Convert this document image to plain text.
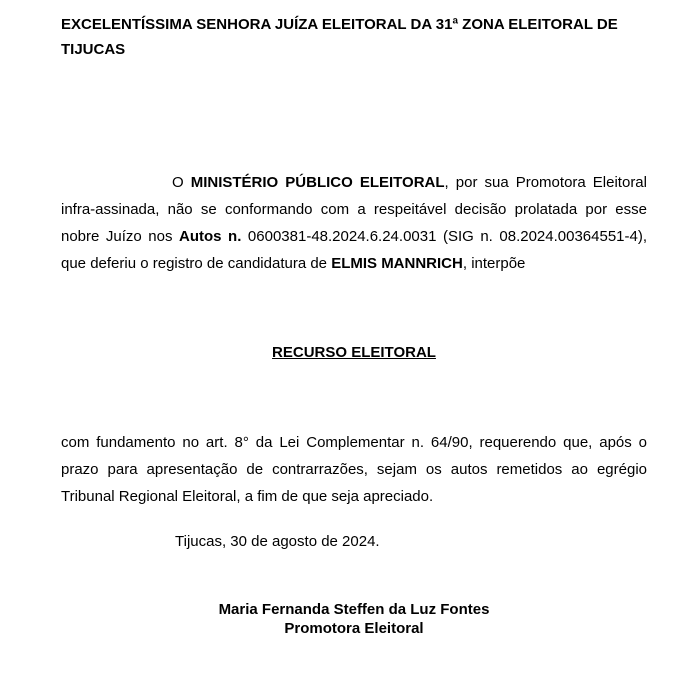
EXCELENTÍSSIMA SENHORA JUÍZA ELEITORAL DA 31ª ZONA ELEITORAL DE TIJUCAS

O MINISTÉRIO PÚBLICO ELEITORAL, por sua Promotora Eleitoral infra-assinada, não se conformando com a respeitável decisão prolatada por esse nobre Juízo nos Autos n. 0600381-48.2024.6.24.0031 (SIG n. 08.2024.00364551-4), que deferiu o registro de candidatura de ELMIS MANNRICH, interpõe

RECURSO ELEITORAL

com fundamento no art. 8° da Lei Complementar n. 64/90, requerendo que, após o prazo para apresentação de contrarrazões, sejam os autos remetidos ao egrégio Tribunal Regional Eleitoral, a fim de que seja apreciado.

Tijucas, 30 de agosto de 2024.

Maria Fernanda Steffen da Luz Fontes
Promotora Eleitoral
